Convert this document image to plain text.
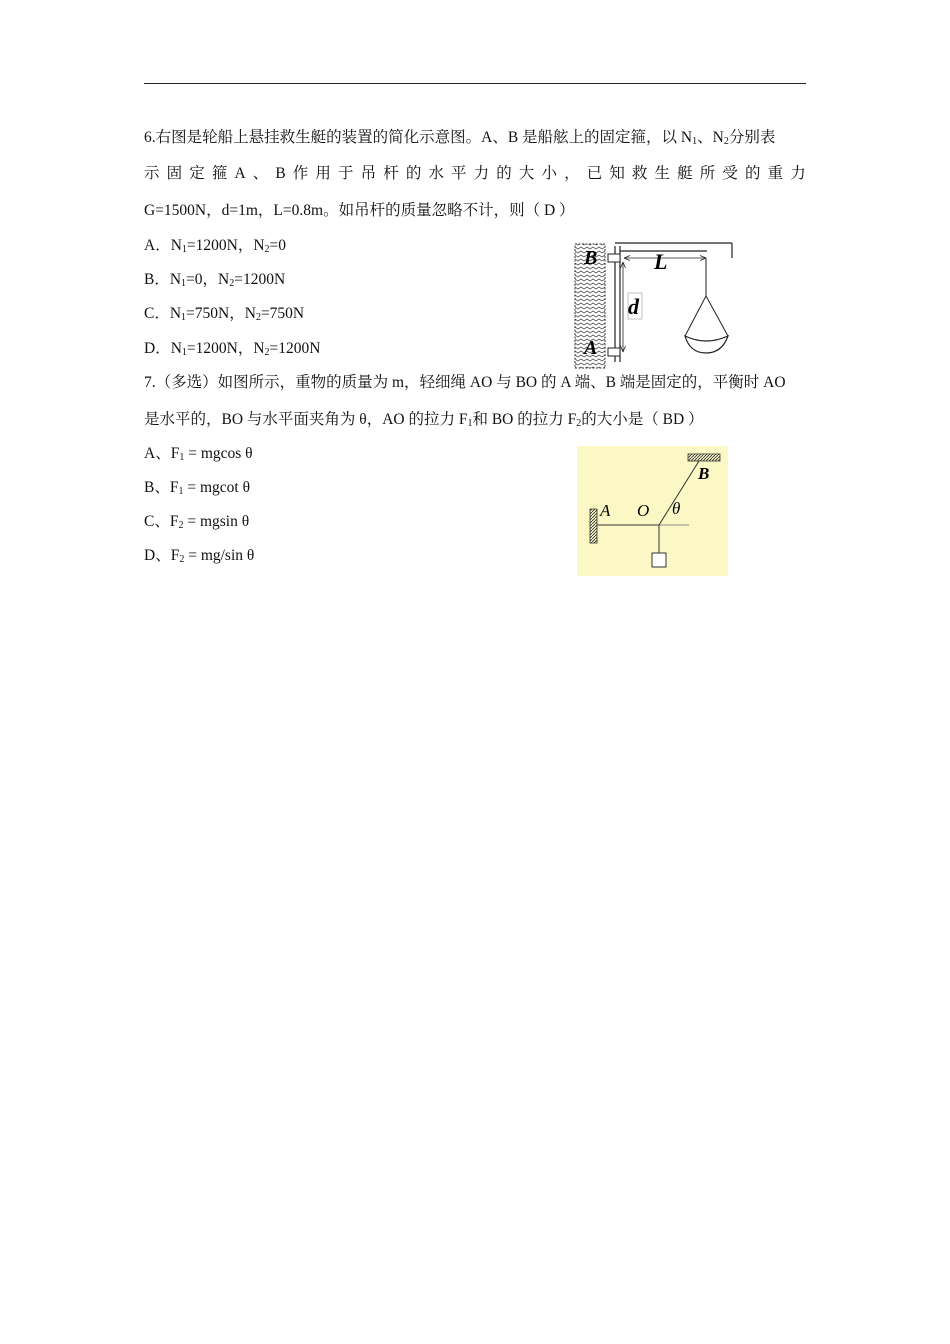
6.右图是轮船上悬挂救生艇的装置的简化示意图。A、B 是船舷上的固定箍，以 $N_1$、$N_2$分别表
示 固 定 箍 A 、 B 作 用 于 吊 杆 的 水 平 力 的 大 小 ， 已 知 救 生 艇 所 受 的 重 力
G=1500N，d=1m，L=0.8m。如吊杆的质量忽略不计，则（ D ）
A．$N_1=1200N$，$N_2=0$
B．$N_1=0$，$N_2=1200N$
C．$N_1=750N$，$N_2=750N$
D．$N_1=1200N$，$N_2=1200N$
B	L
d
A
7.（多选）如图所示，重物的质量为 m，轻细绳 AO 与 BO 的 A 端、B 端是固定的，平衡时 AO
是水平的，BO 与水平面夹角为 θ，AO 的拉力 $F_1$和 BO 的拉力 $F_2$的大小是（ BD ）
A、$F_1 = mgcos$ θ
B、$F_1 = mgcot$ θ
C、$F_2 = mgsin$ θ
D、$F_2 = mg/\sin$ θ
A O θ
B
